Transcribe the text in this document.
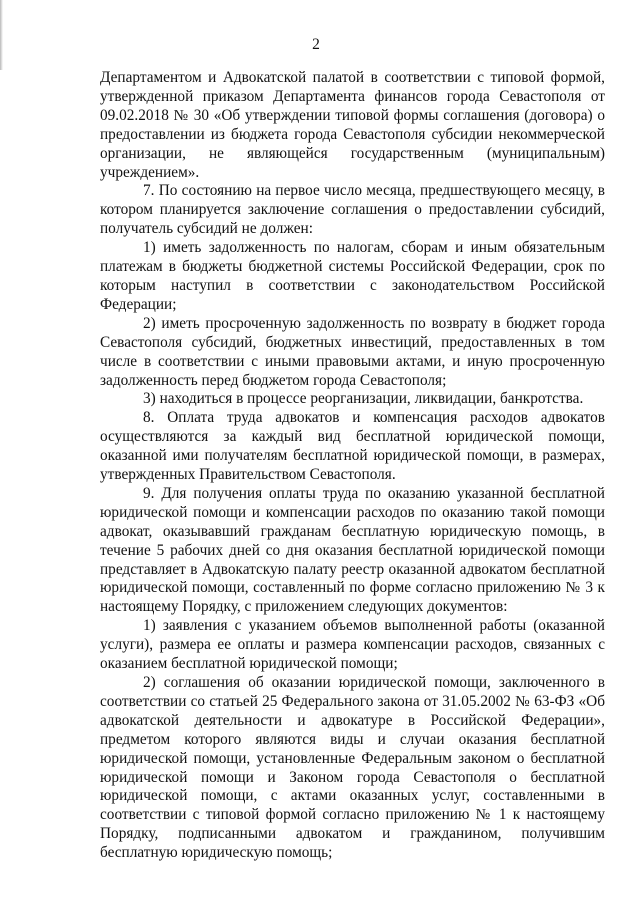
2

Департаментом и Адвокатской палатой в соответствии с типовой формой, утвержденной приказом Департамента финансов города Севастополя от 09.02.2018 № 30 «Об утверждении типовой формы соглашения (договора) о предоставлении из бюджета города Севастополя субсидии некоммерческой организации, не являющейся государственным (муниципальным) учреждением».

7. По состоянию на первое число месяца, предшествующего месяцу, в котором планируется заключение соглашения о предоставлении субсидий, получатель субсидий не должен:

1) иметь задолженность по налогам, сборам и иным обязательным платежам в бюджеты бюджетной системы Российской Федерации, срок по которым наступил в соответствии с законодательством Российской Федерации;

2) иметь просроченную задолженность по возврату в бюджет города Севастополя субсидий, бюджетных инвестиций, предоставленных в том числе в соответствии с иными правовыми актами, и иную просроченную задолженность перед бюджетом города Севастополя;

3) находиться в процессе реорганизации, ликвидации, банкротства.

8. Оплата труда адвокатов и компенсация расходов адвокатов осуществляются за каждый вид бесплатной юридической помощи, оказанной ими получателям бесплатной юридической помощи, в размерах, утвержденных Правительством Севастополя.

9. Для получения оплаты труда по оказанию указанной бесплатной юридической помощи и компенсации расходов по оказанию такой помощи адвокат, оказывавший гражданам бесплатную юридическую помощь, в течение 5 рабочих дней со дня оказания бесплатной юридической помощи представляет в Адвокатскую палату реестр оказанной адвокатом бесплатной юридической помощи, составленный по форме согласно приложению № 3 к настоящему Порядку, с приложением следующих документов:

1) заявления с указанием объемов выполненной работы (оказанной услуги), размера ее оплаты и размера компенсации расходов, связанных с оказанием бесплатной юридической помощи;

2) соглашения об оказании юридической помощи, заключенного в соответствии со статьей 25 Федерального закона от 31.05.2002 № 63-ФЗ «Об адвокатской деятельности и адвокатуре в Российской Федерации», предметом которого являются виды и случаи оказания бесплатной юридической помощи, установленные Федеральным законом о бесплатной юридической помощи и Законом города Севастополя о бесплатной юридической помощи, с актами оказанных услуг, составленными в соответствии с типовой формой согласно приложению № 1 к настоящему Порядку, подписанными адвокатом и гражданином, получившим бесплатную юридическую помощь;
